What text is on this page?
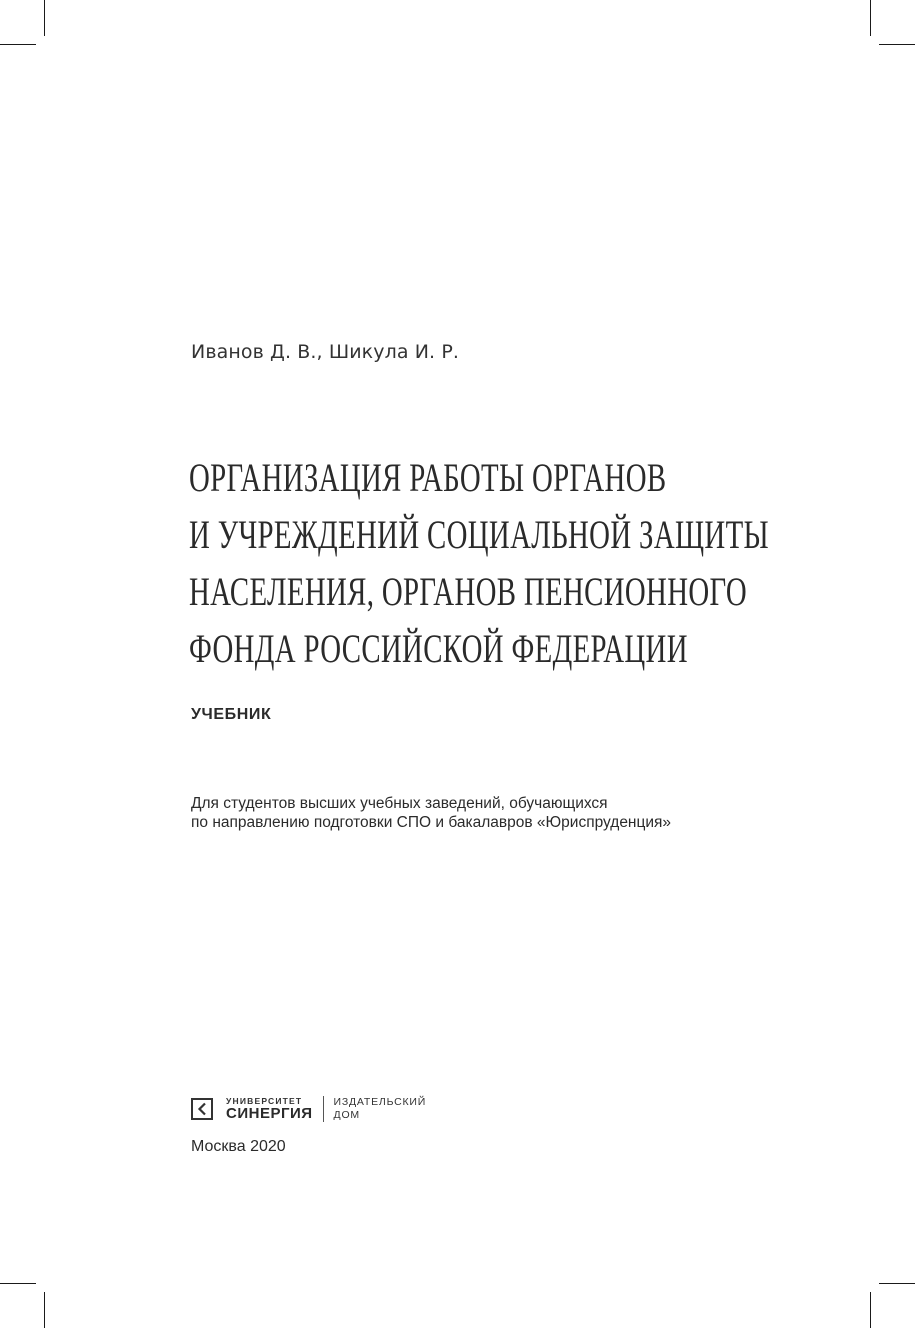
Иванов Д. В., Шикула И. Р.
ОРГАНИЗАЦИЯ РАБОТЫ ОРГАНОВ
И УЧРЕЖДЕНИЙ СОЦИАЛЬНОЙ ЗАЩИТЫ
НАСЕЛЕНИЯ, ОРГАНОВ ПЕНСИОННОГО
ФОНДА РОССИЙСКОЙ ФЕДЕРАЦИИ
УЧЕБНИК
Для студентов высших учебных заведений, обучающихся
по направлению подготовки СПО и бакалавров «Юриспруденция»
УНИВЕРСИТЕТ
СИНЕРГИЯ
ИЗДАТЕЛЬСКИЙ
ДОМ
Москва 2020
